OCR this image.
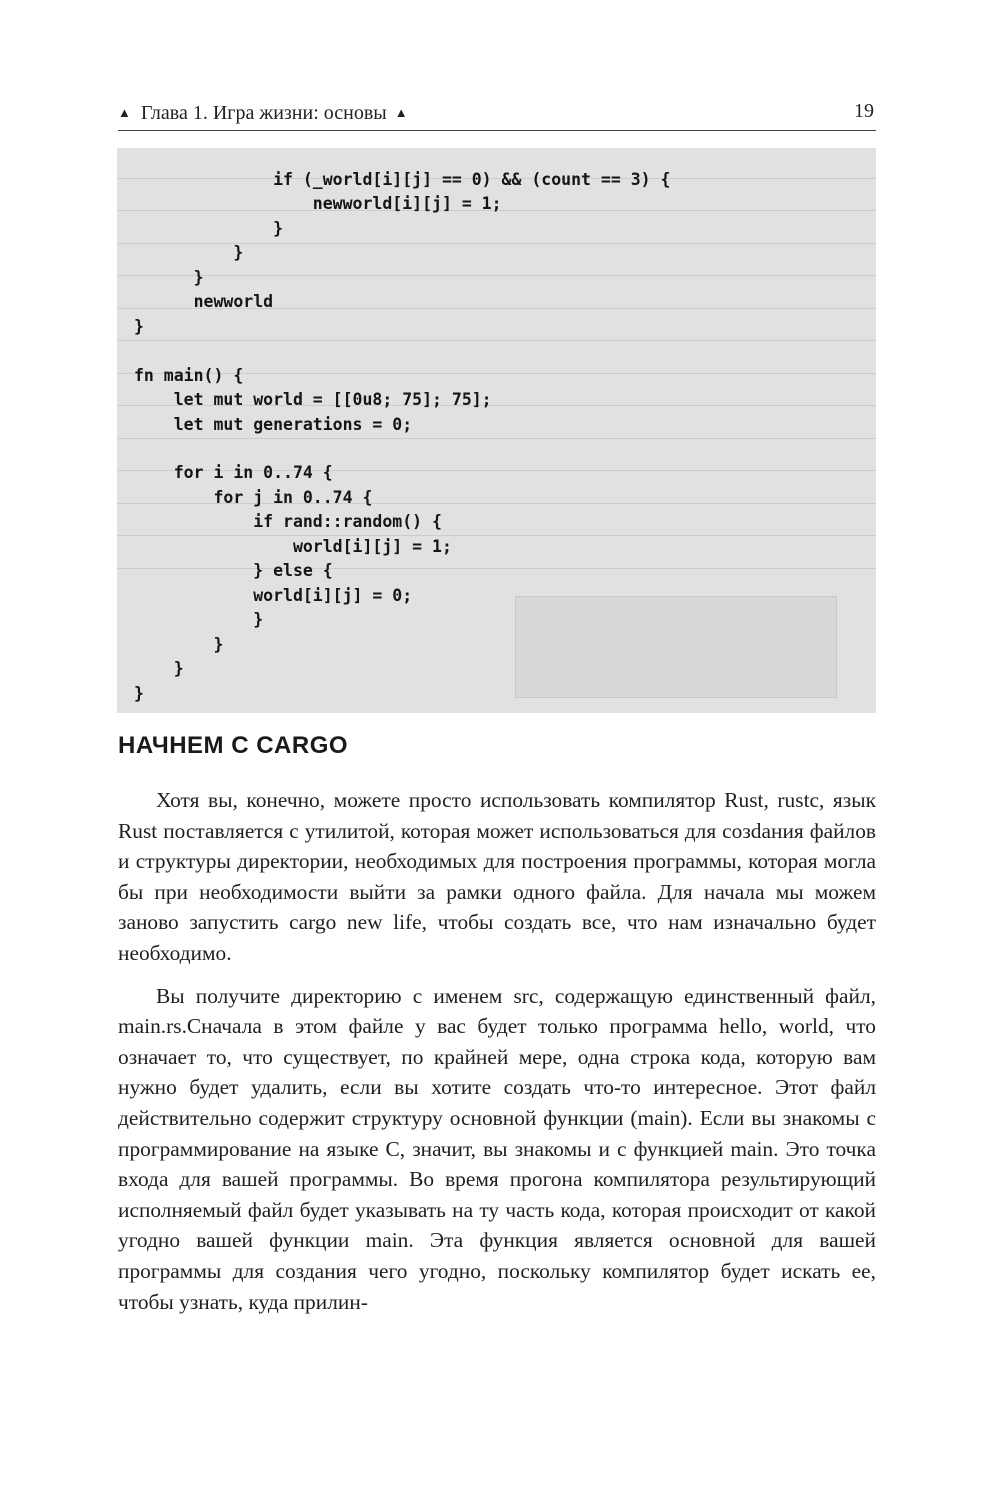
▲ Глава 1. Игра жизни: основы ▲	19
if (_world[i][j] == 0) && (count == 3) {
newworld[i][j] = 1;
}
}
}
newworld
}

fn main() {
let mut world = [[0u8; 75]; 75];
let mut generations = 0;

for i in 0..74 {
for j in 0..74 {
if rand::random() {
world[i][j] = 1;
} else {
world[i][j] = 0;
}
}
}
}
НАЧНЕМ С CARGO

Хотя вы, конечно, можете просто использовать компилятор Rust, rustc, язык Rust поставляется с утилитой, которая может использоваться для созdания файлов и структуры директории, необходимых для построения программы, которая могла бы при необходимости выйти за рамки одного файла. Для начала мы можем заново запустить cargo new life, чтобы создать все, что нам изначально будет необходимо.

Вы получите директорию с именем src, содержащую единственный файл, main.rs.Сначала в этом файле у вас будет только программа hello, world, что означает то, что существует, по крайней мере, одна строка кода, которую вам нужно будет удалить, если вы хотите создать что-то интересное. Этот файл действительно содержит структуру основной функции (main). Если вы знакомы с программирование на языке C, значит, вы знакомы и с функцией main. Это точка входа для вашей программы. Во время прогона компилятора результирующий исполняемый файл будет указывать на ту часть кода, которая происходит от какой угодно вашей функции main. Эта функция является основной для вашей программы для создания чего угодно, поскольку компилятор будет искать ее, чтобы узнать, куда прилин-
